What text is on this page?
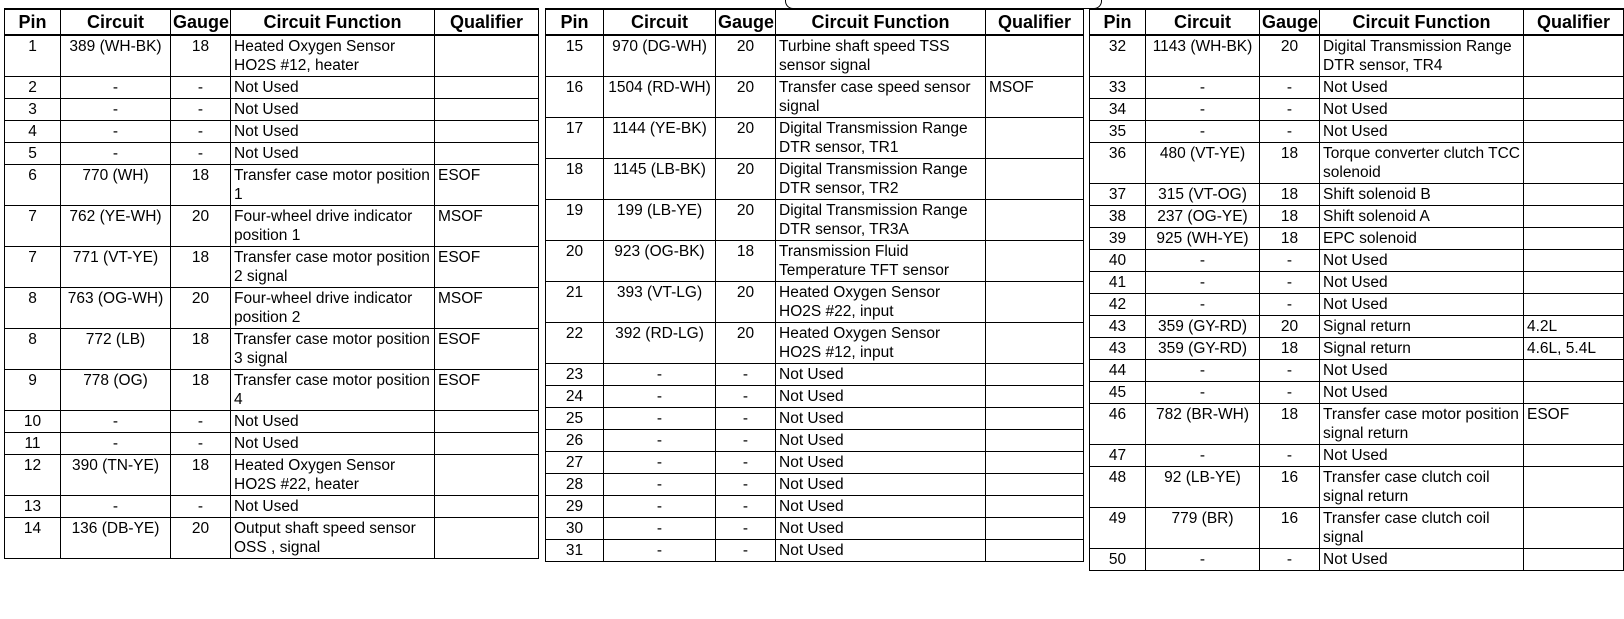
Pin	Circuit	Gauge	Circuit Function	Qualifier
1	389 (WH-BK)	18	Heated Oxygen Sensor HO2S #12, heater	
2	-	-	Not Used	
3	-	-	Not Used	
4	-	-	Not Used	
5	-	-	Not Used	
6	770 (WH)	18	Transfer case motor position 1	ESOF
7	762 (YE-WH)	20	Four-wheel drive indicator position 1	MSOF
7	771 (VT-YE)	18	Transfer case motor position 2 signal	ESOF
8	763 (OG-WH)	20	Four-wheel drive indicator position 2	MSOF
8	772 (LB)	18	Transfer case motor position 3 signal	ESOF
9	778 (OG)	18	Transfer case motor position 4	ESOF
10	-	-	Not Used	
11	-	-	Not Used	
12	390 (TN-YE)	18	Heated Oxygen Sensor HO2S #22, heater	
13	-	-	Not Used	
14	136 (DB-YE)	20	Output shaft speed sensor OSS , signal	
Pin	Circuit	Gauge	Circuit Function	Qualifier
15	970 (DG-WH)	20	Turbine shaft speed TSS sensor signal	
16	1504 (RD-WH)	20	Transfer case speed sensor signal	MSOF
17	1144 (YE-BK)	20	Digital Transmission Range DTR sensor, TR1	
18	1145 (LB-BK)	20	Digital Transmission Range DTR sensor, TR2	
19	199 (LB-YE)	20	Digital Transmission Range DTR sensor, TR3A	
20	923 (OG-BK)	18	Transmission Fluid Temperature TFT sensor	
21	393 (VT-LG)	20	Heated Oxygen Sensor HO2S #22, input	
22	392 (RD-LG)	20	Heated Oxygen Sensor HO2S #12, input	
23	-	-	Not Used	
24	-	-	Not Used	
25	-	-	Not Used	
26	-	-	Not Used	
27	-	-	Not Used	
28	-	-	Not Used	
29	-	-	Not Used	
30	-	-	Not Used	
31	-	-	Not Used	
Pin	Circuit	Gauge	Circuit Function	Qualifier
32	1143 (WH-BK)	20	Digital Transmission Range DTR sensor, TR4	
33	-	-	Not Used	
34	-	-	Not Used	
35	-	-	Not Used	
36	480 (VT-YE)	18	Torque converter clutch TCC solenoid	
37	315 (VT-OG)	18	Shift solenoid B	
38	237 (OG-YE)	18	Shift solenoid A	
39	925 (WH-YE)	18	EPC solenoid	
40	-	-	Not Used	
41	-	-	Not Used	
42	-	-	Not Used	
43	359 (GY-RD)	20	Signal return	4.2L
43	359 (GY-RD)	18	Signal return	4.6L, 5.4L
44	-	-	Not Used	
45	-	-	Not Used	
46	782 (BR-WH)	18	Transfer case motor position signal return	ESOF
47	-	-	Not Used	
48	92 (LB-YE)	16	Transfer case clutch coil signal return	
49	779 (BR)	16	Transfer case clutch coil signal	
50	-	-	Not Used	
